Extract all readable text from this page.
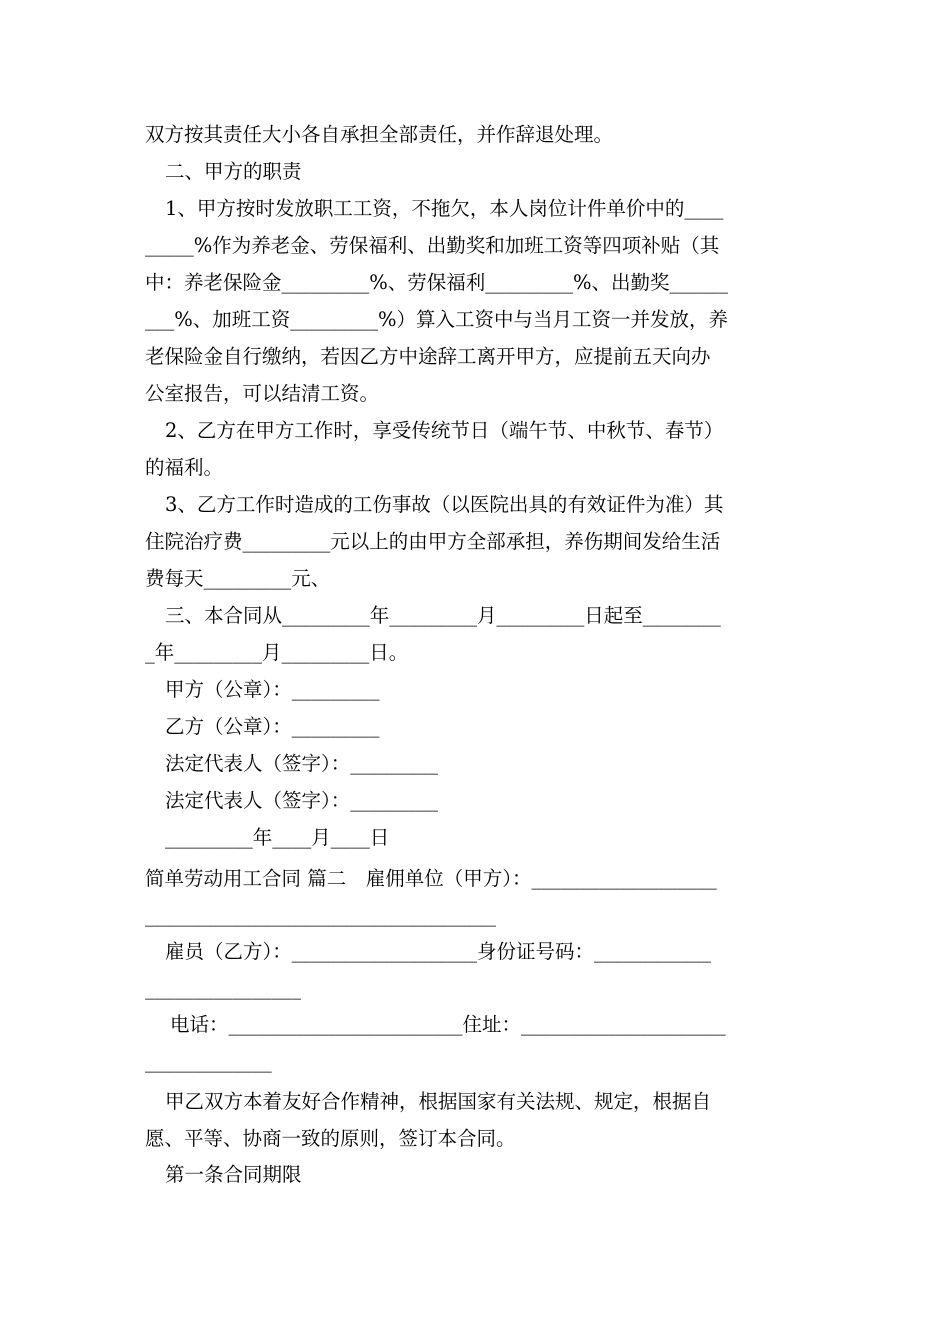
双方按其责任大小各自承担全部责任，并作辞退处理。
二、甲方的职责
1、甲方按时发放职工工资，不拖欠，本人岗位计件单价中的____
_____%作为养老金、劳保福利、出勤奖和加班工资等四项补贴（其
中：养老保险金_________%、劳保福利_________%、出勤奖______
___%、加班工资_________%）算入工资中与当月工资一并发放，养
老保险金自行缴纳，若因乙方中途辞工离开甲方，应提前五天向办
公室报告，可以结清工资。
2、乙方在甲方工作时，享受传统节日（端午节、中秋节、春节）
的福利。
3、乙方工作时造成的工伤事故（以医院出具的有效证件为准）其
住院治疗费_________元以上的由甲方全部承担，养伤期间发给生活
费每天_________元、
三、本合同从_________年_________月_________日起至________
_年_________月_________日。
甲方（公章）：_________
乙方（公章）：_________
法定代表人（签字）：_________
法定代表人（签字）：_________
_________年____月____日
简单劳动用工合同 篇二　雇佣单位（甲方）：___________________
____________________________________
雇员（乙方）：___________________身份证号码：____________
________________
电话：________________________住址：_____________________
_____________
甲乙双方本着友好合作精神，根据国家有关法规、规定，根据自
愿、平等、协商一致的原则，签订本合同。
第一条合同期限
